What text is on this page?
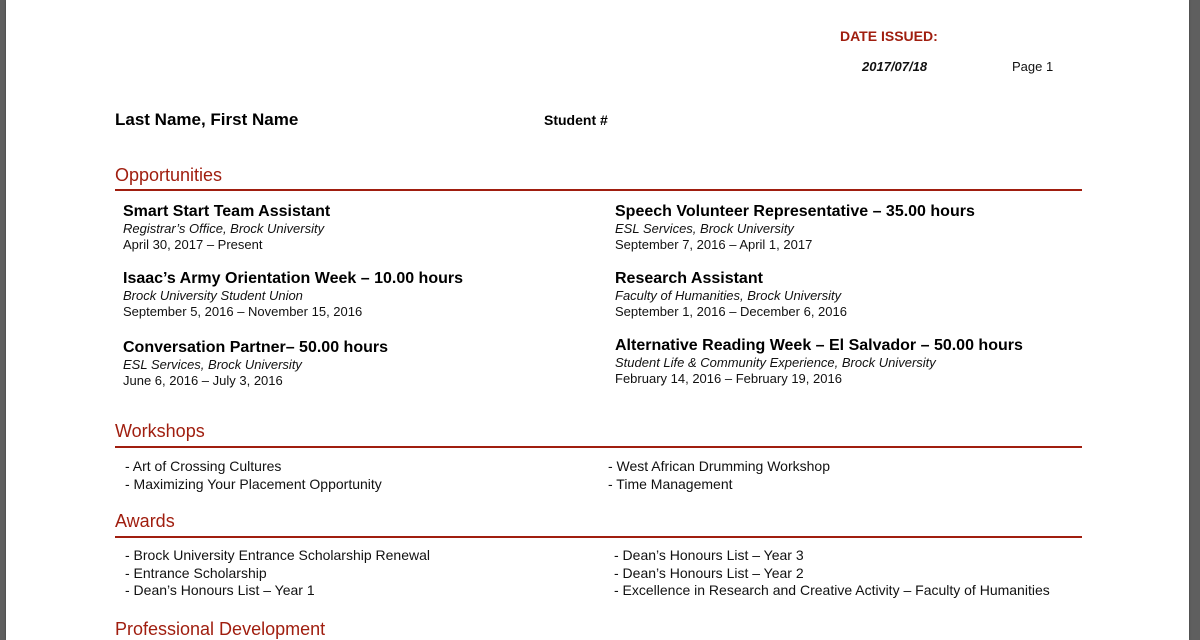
DATE ISSUED:
2017/07/18	Page 1
Last Name, First Name	Student #
Opportunities
Smart Start Team Assistant
Registrar’s Office, Brock University
April 30, 2017 – Present
Isaac’s Army Orientation Week – 10.00 hours
Brock University Student Union
September 5, 2016 – November 15, 2016
Conversation Partner– 50.00 hours
ESL Services, Brock University
June 6, 2016 – July 3, 2016
Speech Volunteer Representative – 35.00 hours
ESL Services, Brock University
September 7, 2016 – April 1, 2017
Research Assistant
Faculty of Humanities, Brock University
September 1, 2016 – December 6, 2016
Alternative Reading Week – El Salvador – 50.00 hours
Student Life & Community Experience, Brock University
February 14, 2016 – February 19, 2016
Workshops
- Art of Crossing Cultures
- Maximizing Your Placement Opportunity
- West African Drumming Workshop
- Time Management
Awards
- Brock University Entrance Scholarship Renewal
- Entrance Scholarship
- Dean’s Honours List – Year 1
- Dean’s Honours List – Year 3
- Dean’s Honours List – Year 2
- Excellence in Research and Creative Activity – Faculty of Humanities
Professional Development
